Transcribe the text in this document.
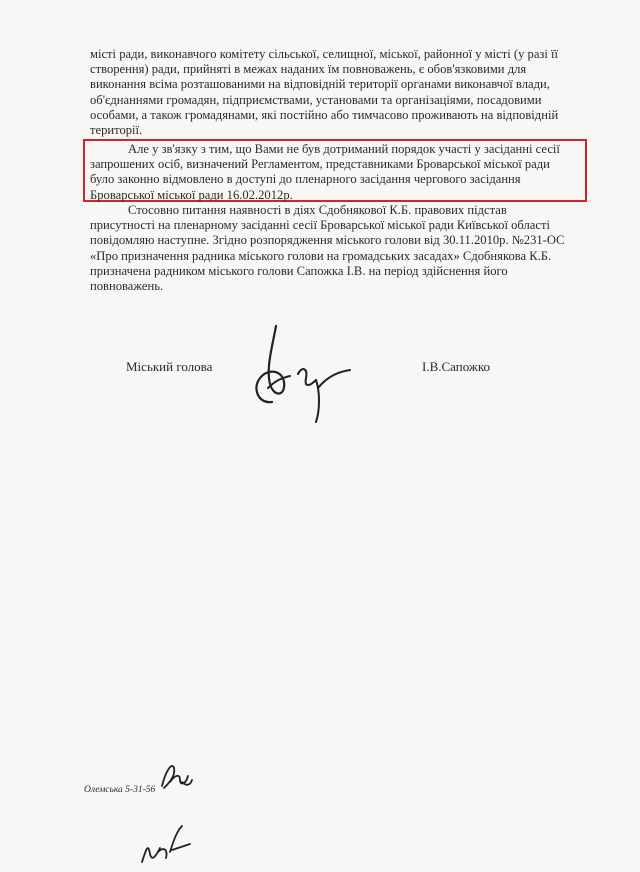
місті ради, виконавчого комітету сільської, селищної, міської, районної у місті (у разі її
створення) ради, прийняті в межах наданих їм повноважень, є обов'язковими для
виконання всіма розташованими на відповідній території органами виконавчої влади,
об'єднаннями громадян, підприємствами, установами та організаціями, посадовими
особами, а також громадянами, які постійно або тимчасово проживають на відповідній
території.
Але у зв'язку з тим, що Вами не був дотриманий порядок участі у засіданні сесії
запрошених осіб, визначений Регламентом, представниками Броварської міської ради
було законно відмовлено в доступі до пленарного засідання чергового засідання
Броварської міської ради 16.02.2012р.
Стосовно питання наявності в діях Сдобнякової К.Б. правових підстав
присутності на пленарному засіданні сесії Броварської міської ради Київської області
повідомляю наступне. Згідно розпорядження міського голови від 30.11.2010р. №231-ОС
«Про призначення радника міського голови на громадських засадах» Сдобнякова К.Б.
призначена радником міського голови Сапожка І.В. на період здійснення його
повноважень.
Міський голова	І.В.Сапожко
Олемська 5-31-56
